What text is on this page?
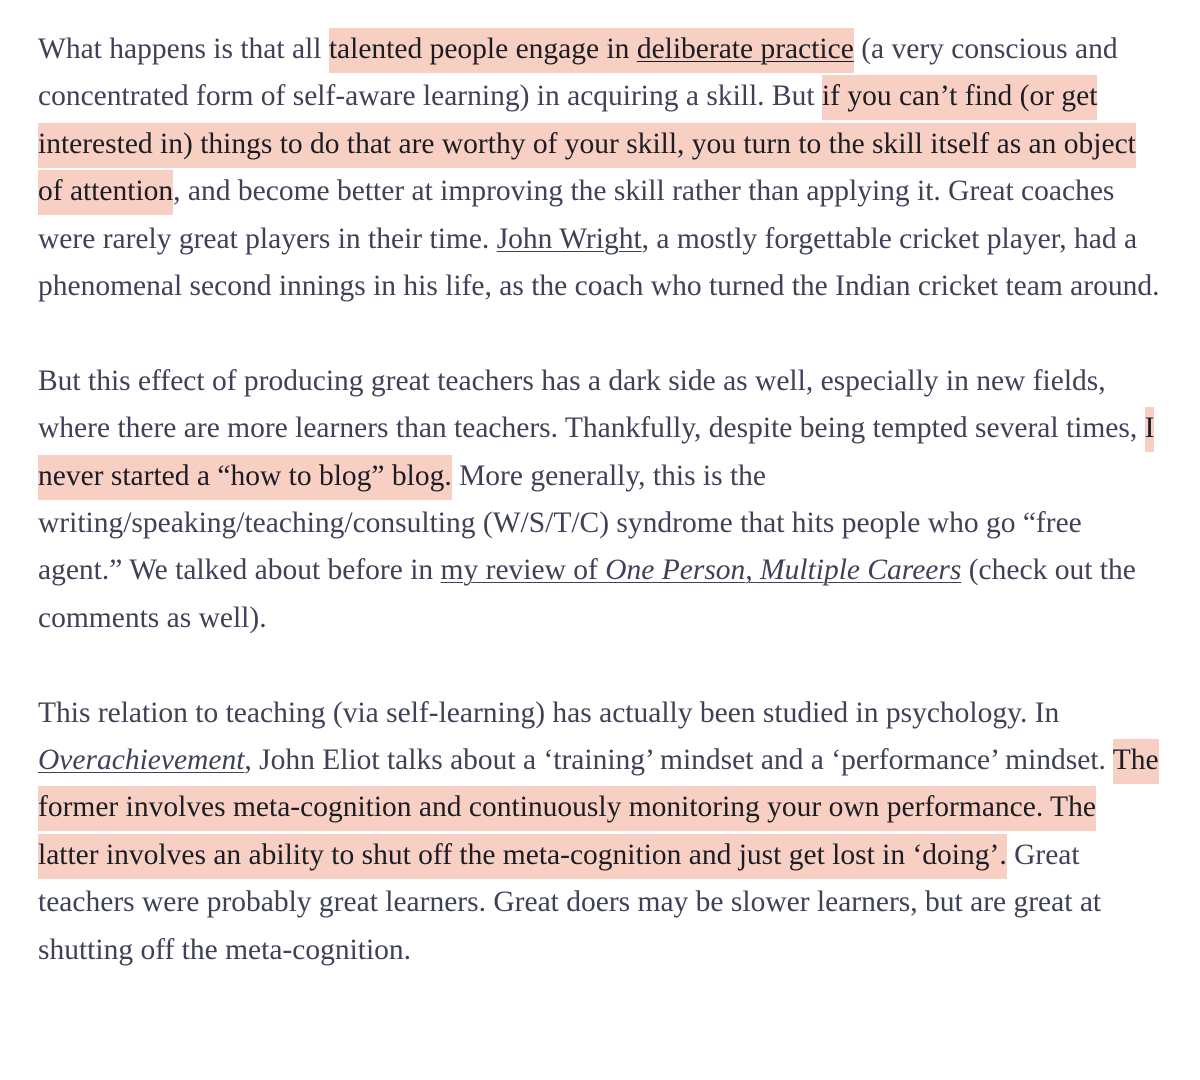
What happens is that all talented people engage in deliberate practice (a very conscious and concentrated form of self-aware learning) in acquiring a skill. But if you can’t find (or get interested in) things to do that are worthy of your skill, you turn to the skill itself as an object of attention, and become better at improving the skill rather than applying it. Great coaches were rarely great players in their time. John Wright, a mostly forgettable cricket player, had a phenomenal second innings in his life, as the coach who turned the Indian cricket team around.

But this effect of producing great teachers has a dark side as well, especially in new fields, where there are more learners than teachers. Thankfully, despite being tempted several times, I never started a “how to blog” blog. More generally, this is the writing/speaking/teaching/consulting (W/S/T/C) syndrome that hits people who go “free agent.” We talked about before in my review of One Person, Multiple Careers (check out the comments as well).

This relation to teaching (via self-learning) has actually been studied in psychology. In Overachievement, John Eliot talks about a ‘training’ mindset and a ‘performance’ mindset. The former involves meta-cognition and continuously monitoring your own performance. The latter involves an ability to shut off the meta-cognition and just get lost in ‘doing’. Great teachers were probably great learners. Great doers may be slower learners, but are great at shutting off the meta-cognition.
